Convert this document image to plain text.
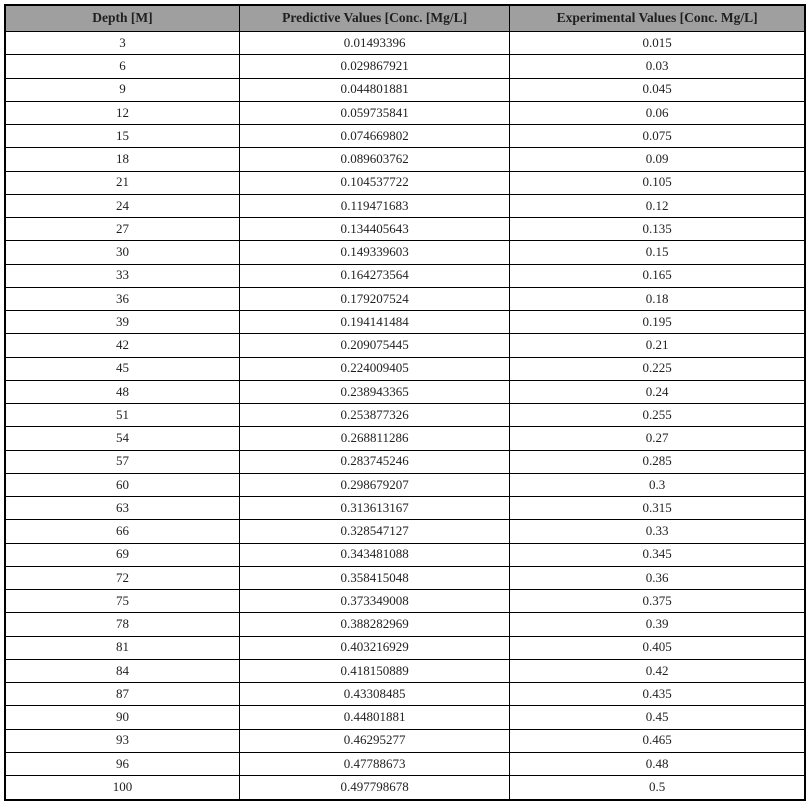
Depth [M]	Predictive Values [Conc. [Mg/L]	Experimental Values [Conc. Mg/L]
3	0.01493396	0.015
6	0.029867921	0.03
9	0.044801881	0.045
12	0.059735841	0.06
15	0.074669802	0.075
18	0.089603762	0.09
21	0.104537722	0.105
24	0.119471683	0.12
27	0.134405643	0.135
30	0.149339603	0.15
33	0.164273564	0.165
36	0.179207524	0.18
39	0.194141484	0.195
42	0.209075445	0.21
45	0.224009405	0.225
48	0.238943365	0.24
51	0.253877326	0.255
54	0.268811286	0.27
57	0.283745246	0.285
60	0.298679207	0.3
63	0.313613167	0.315
66	0.328547127	0.33
69	0.343481088	0.345
72	0.358415048	0.36
75	0.373349008	0.375
78	0.388282969	0.39
81	0.403216929	0.405
84	0.418150889	0.42
87	0.43308485	0.435
90	0.44801881	0.45
93	0.46295277	0.465
96	0.47788673	0.48
100	0.497798678	0.5
